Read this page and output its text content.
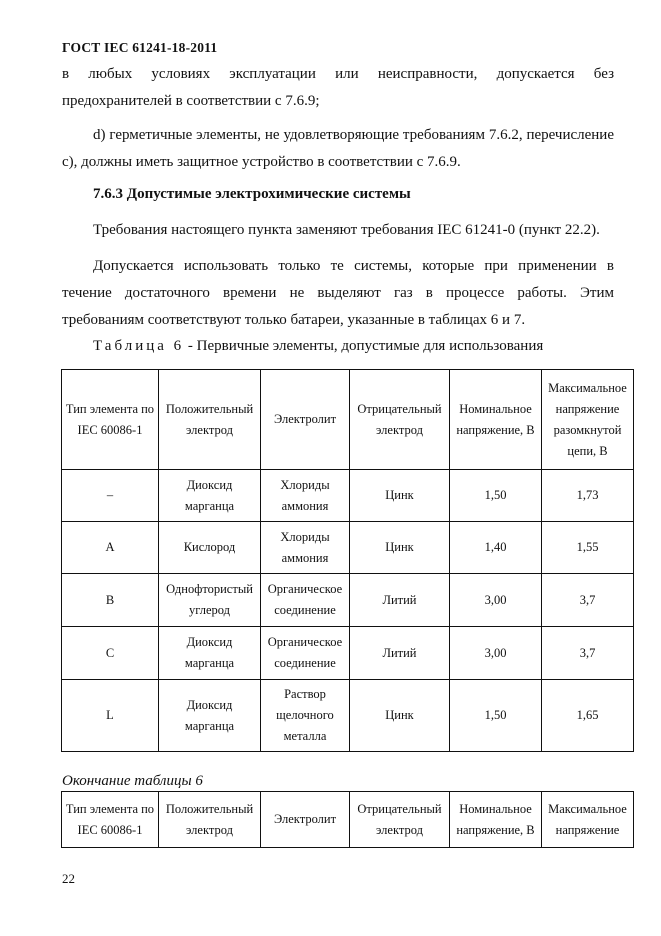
ГОСТ IEC 61241-18-2011
в любых условиях эксплуатации или неисправности, допускается без предохранителей в соответствии с 7.6.9;
d) герметичные элементы, не удовлетворяющие требованиям 7.6.2, перечисление c), должны иметь защитное устройство в соответствии с 7.6.9.
7.6.3 Допустимые электрохимические системы
Требования настоящего пункта заменяют требования IEC 61241-0 (пункт 22.2).
Допускается использовать только те системы, которые при применении в течение достаточного времени не выделяют газ в процессе работы. Этим требованиям соответствуют только батареи, указанные в таблицах 6 и 7.
Таблица 6 - Первичные элементы, допустимые для использования
Тип элемента по IEC 60086-1	Положительный электрод	Электролит	Отрицательный электрод	Номинальное напряжение, В	Максимальное напряжение разомкнутой цепи, В
–	Диоксид марганца	Хлориды аммония	Цинк	1,50	1,73
A	Кислород	Хлориды аммония	Цинк	1,40	1,55
B	Однофтористый углерод	Органическое соединение	Литий	3,00	3,7
C	Диоксид марганца	Органическое соединение	Литий	3,00	3,7
L	Диоксид марганца	Раствор щелочного металла	Цинк	1,50	1,65
Окончание таблицы 6
Тип элемента по IEC 60086-1	Положительный электрод	Электролит	Отрицательный электрод	Номинальное напряжение, В	Максимальное напряжение
22
